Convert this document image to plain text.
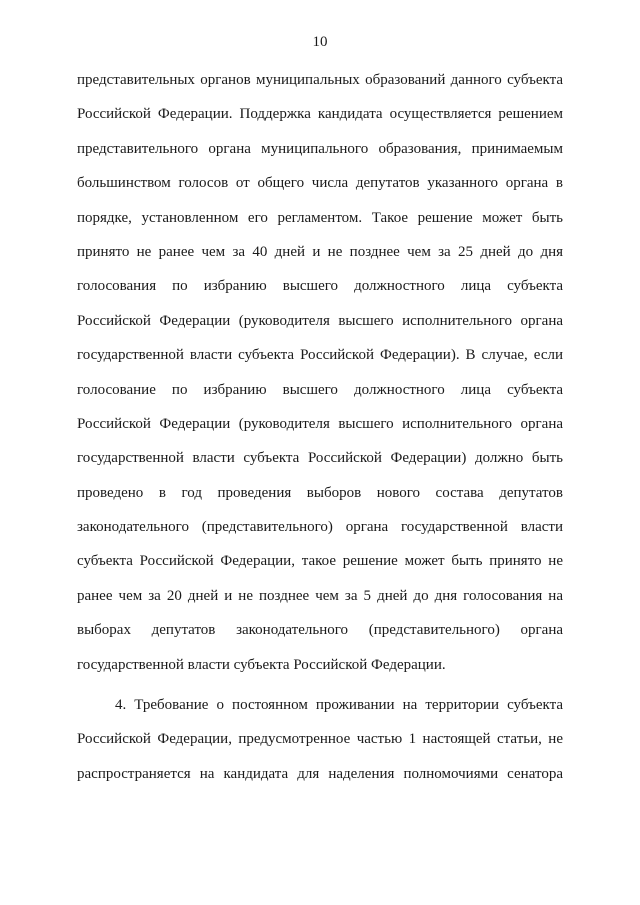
10
представительных органов муниципальных образований данного субъекта
Российской Федерации. Поддержка кандидата осуществляется решением
представительного органа муниципального образования, принимаемым
большинством голосов от общего числа депутатов указанного органа в
порядке, установленном его регламентом. Такое решение может быть
принято не ранее чем за 40 дней и не позднее чем за 25 дней до дня
голосования по избранию высшего должностного лица субъекта
Российской Федерации (руководителя высшего исполнительного органа
государственной власти субъекта Российской Федерации). В случае, если
голосование по избранию высшего должностного лица субъекта
Российской Федерации (руководителя высшего исполнительного органа
государственной власти субъекта Российской Федерации) должно быть
проведено в год проведения выборов нового состава депутатов
законодательного (представительного) органа государственной власти
субъекта Российской Федерации, такое решение может быть принято не
ранее чем за 20 дней и не позднее чем за 5 дней до дня голосования на
выборах депутатов законодательного (представительного) органа
государственной власти субъекта Российской Федерации.
4. Требование о постоянном проживании на территории субъекта
Российской Федерации, предусмотренное частью 1 настоящей статьи, не
распространяется на кандидата для наделения полномочиями сенатора
